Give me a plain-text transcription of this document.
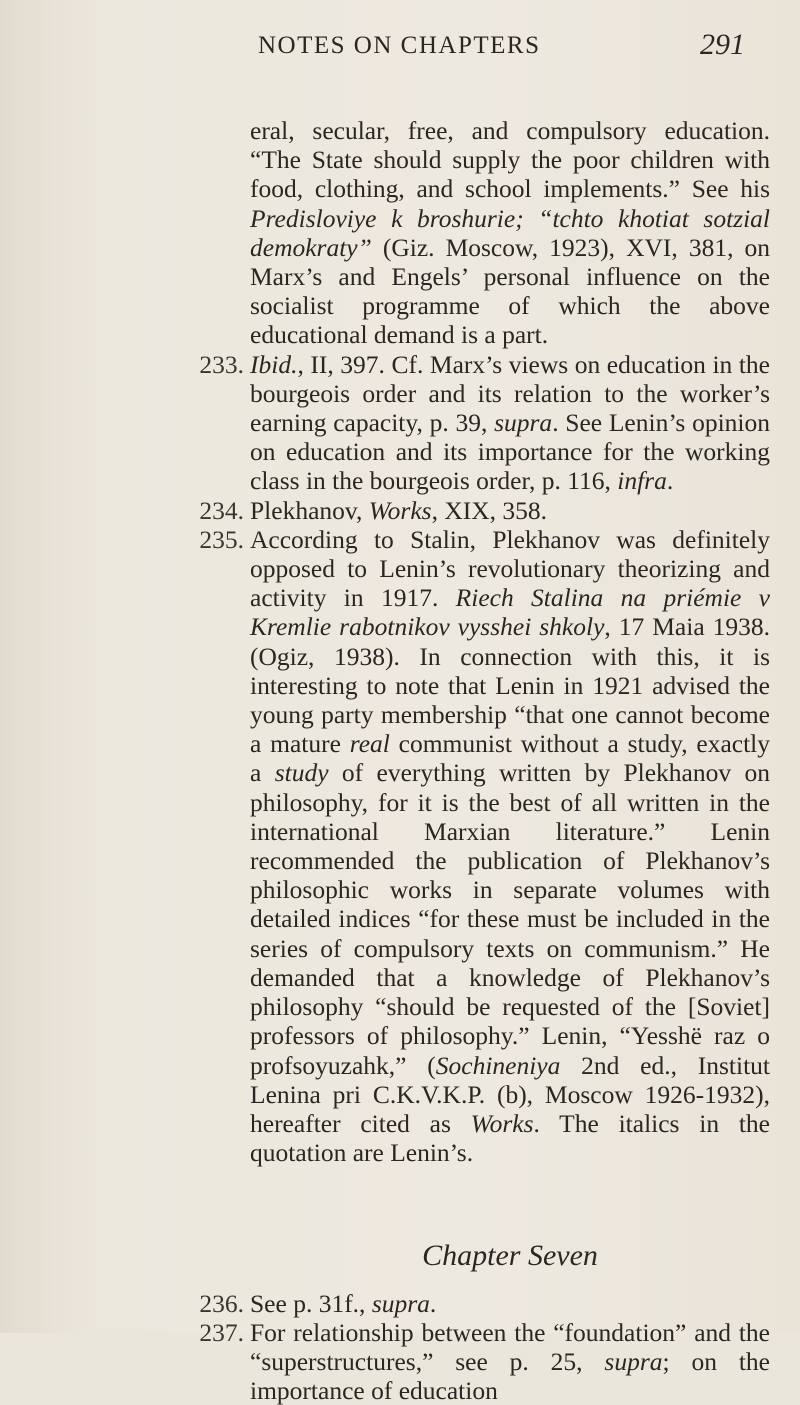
NOTES ON CHAPTERS	291

eral, secular, free, and compulsory education. “The State should supply the poor children with food, clothing, and school implements.” See his Predisloviye k broshurie; “tchto khotiat sotzial demokraty” (Giz. Moscow, 1923), XVI, 381, on Marx’s and Engels’ personal influence on the socialist programme of which the above educational demand is a part.

233. Ibid., II, 397. Cf. Marx’s views on education in the bourgeois order and its relation to the worker’s earning capacity, p. 39, supra. See Lenin’s opinion on education and its importance for the working class in the bourgeois order, p. 116, infra.

234. Plekhanov, Works, XIX, 358.

235. According to Stalin, Plekhanov was definitely opposed to Lenin’s revolutionary theorizing and activity in 1917. Riech Stalina na priémie v Kremlie rabotnikov vysshei shkoly, 17 Maia 1938. (Ogiz, 1938). In connection with this, it is interesting to note that Lenin in 1921 advised the young party membership “that one cannot become a mature real communist without a study, exactly a study of everything written by Plekhanov on philosophy, for it is the best of all written in the international Marxian literature.” Lenin recommended the publication of Plekhanov’s philosophic works in separate volumes with detailed indices “for these must be included in the series of compulsory texts on communism.” He demanded that a knowledge of Plekhanov’s philosophy “should be requested of the [Soviet] professors of philosophy.” Lenin, “Yesshë raz o profsoyuzahk,” (Sochineniya 2nd ed., Institut Lenina pri C.K.V.K.P. (b), Moscow 1926-1932), hereafter cited as Works. The italics in the quotation are Lenin’s.

Chapter Seven

236. See p. 31f., supra.

237. For relationship between the “foundation” and the “superstructures,” see p. 25, supra; on the importance of education
